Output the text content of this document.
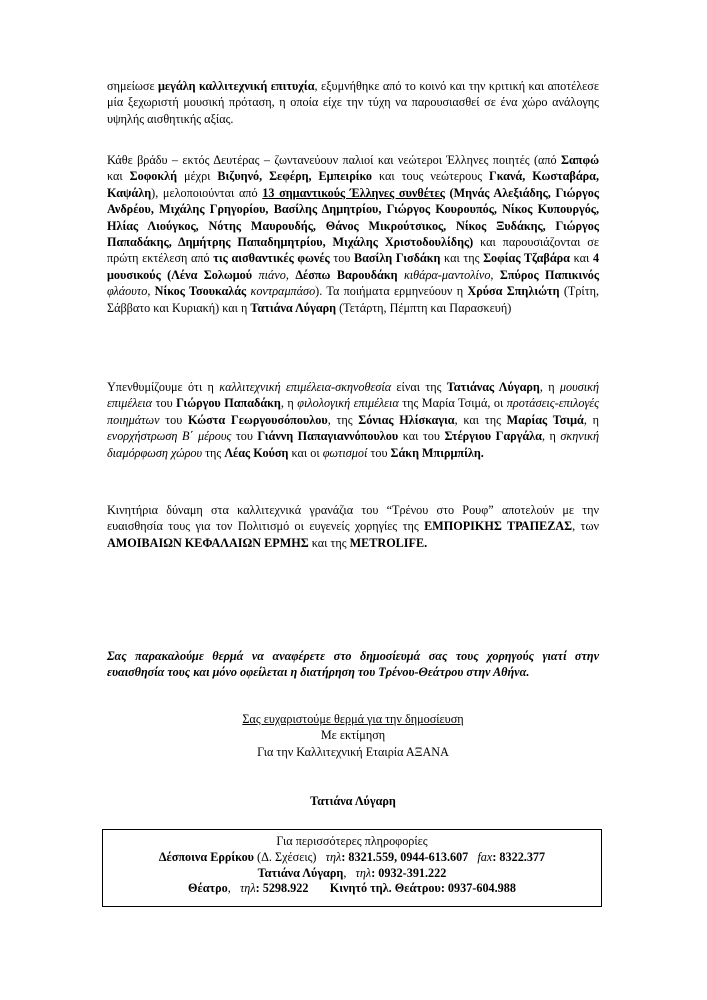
σημείωσε μεγάλη καλλιτεχνική επιτυχία, εξυμνήθηκε από το κοινό και την κριτική και αποτέλεσε μία ξεχωριστή μουσική πρόταση, η οποία είχε την τύχη να παρουσιασθεί σε ένα χώρο ανάλογης υψηλής αισθητικής αξίας.

Κάθε βράδυ – εκτός Δευτέρας – ζωντανεύουν παλιοί και νεώτεροι Έλληνες ποιητές (από Σαπφώ και Σοφοκλή μέχρι Βιζυηνό, Σεφέρη, Εμπειρίκο και τους νεώτερους Γκανά, Κωσταβάρα, Καψάλη), μελοποιούνται από 13 σημαντικούς Έλληνες συνθέτες (Μηνάς Αλεξιάδης, Γιώργος Ανδρέου, Μιχάλης Γρηγορίου, Βασίλης Δημητρίου, Γιώργος Κουρουπός, Νίκος Κυπουργός, Ηλίας Λιούγκος, Νότης Μαυρουδής, Θάνος Μικρούτσικος, Νίκος Ξυδάκης, Γιώργος Παπαδάκης, Δημήτρης Παπαδημητρίου, Μιχάλης Χριστοδουλίδης) και παρουσιάζονται σε πρώτη εκτέλεση από τις αισθαντικές φωνές του Βασίλη Γισδάκη και της Σοφίας Τζαβάρα και 4 μουσικούς (Λένα Σολωμού πιάνο, Δέσπω Βαρουδάκη κιθάρα-μαντολίνο, Σπύρος Παπικινός φλάουτο, Νίκος Τσουκαλάς κοντραμπάσο). Τα ποιήματα ερμηνεύουν η Χρύσα Σπηλιώτη (Τρίτη, Σάββατο και Κυριακή) και η Τατιάνα Λύγαρη (Τετάρτη, Πέμπτη και Παρασκευή)

Υπενθυμίζουμε ότι η καλλιτεχνική επιμέλεια-σκηνοθεσία είναι της Τατιάνας Λύγαρη, η μουσική επιμέλεια του Γιώργου Παπαδάκη, η φιλολογική επιμέλεια της Μαρία Τσιμά, οι προτάσεις-επιλογές ποιημάτων του Κώστα Γεωργουσόπουλου, της Σόνιας Ηλίσκαγια, και της Μαρίας Τσιμά, η ενορχήστρωση Β΄ μέρους του Γιάννη Παπαγιαννόπουλου και του Στέργιου Γαργάλα, η σκηνική διαμόρφωση χώρου της Λέας Κούση και οι φωτισμοί του Σάκη Μπιρμπίλη.

Κινητήρια δύναμη στα καλλιτεχνικά γρανάζια του “Τρένου στο Ρουφ” αποτελούν με την ευαισθησία τους για τον Πολιτισμό οι ευγενείς χορηγίες της ΕΜΠΟΡΙΚΗΣ ΤΡΑΠΕΖΑΣ, των ΑΜΟΙΒΑΙΩΝ ΚΕΦΑΛΑΙΩΝ ΕΡΜΗΣ και της METROLIFE.

Σας παρακαλούμε θερμά να αναφέρετε στο δημοσίευμά σας τους χορηγούς γιατί στην ευαισθησία τους και μόνο οφείλεται η διατήρηση του Τρένου-Θεάτρου στην Αθήνα.

Σας ευχαριστούμε θερμά για την δημοσίευση
Με εκτίμηση
Για την Καλλιτεχνική Εταιρία ΑΞΑΝΑ
Τατιάνα Λύγαρη
Για περισσότερες πληροφορίες
Δέσποινα Ερρίκου (Δ. Σχέσεις) τηλ: 8321.559, 0944-613.607 fax: 8322.377
Τατιάνα Λύγαρη,   τηλ: 0932-391.222
Θέατρο,   τηλ: 5298.922 Κινητό τηλ. Θεάτρου: 0937-604.988
